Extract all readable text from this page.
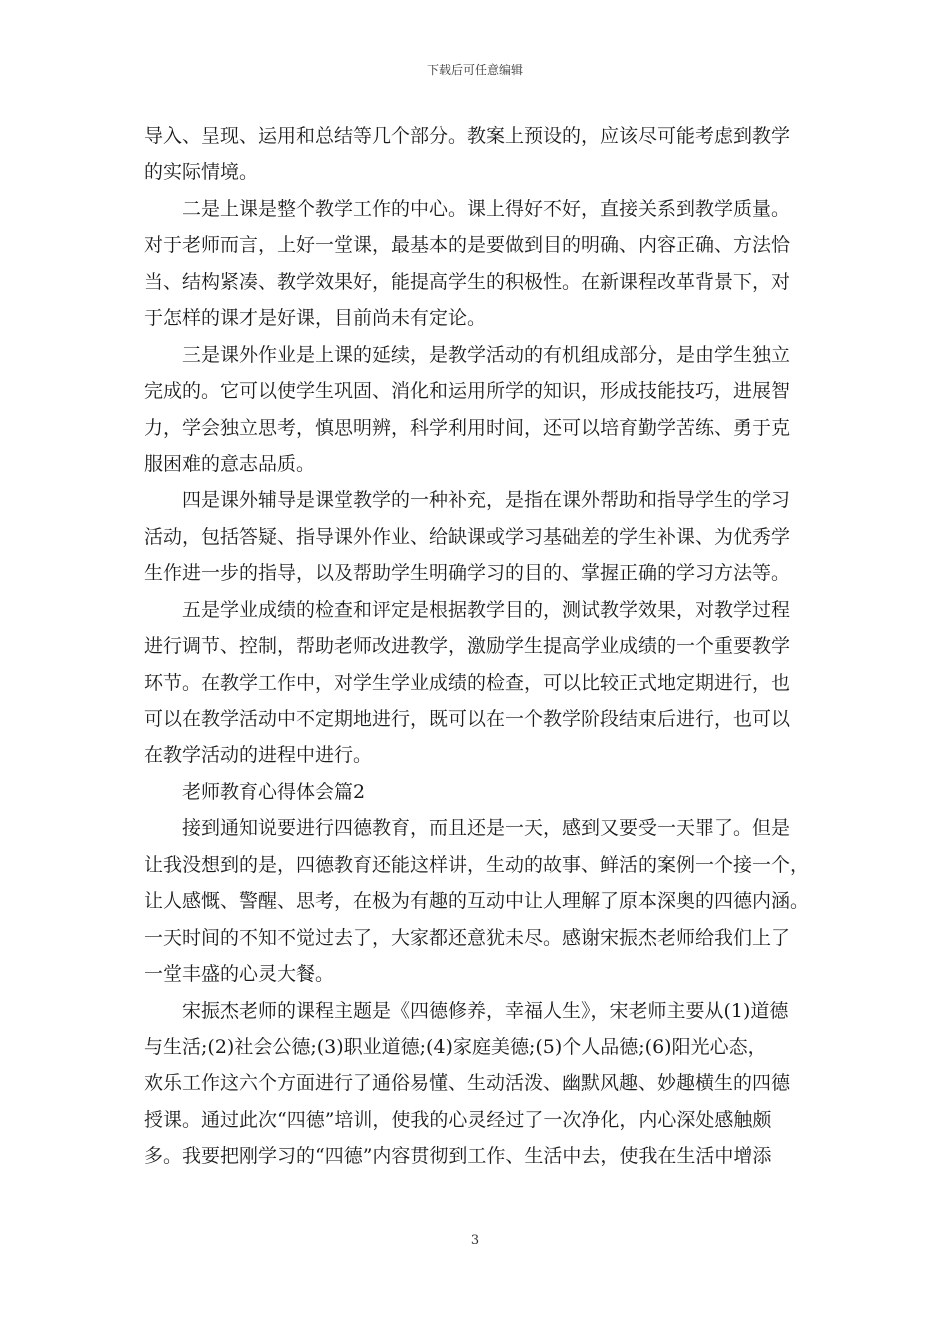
下载后可任意编辑
导入、呈现、运用和总结等几个部分。教案上预设的，应该尽可能考虑到教学
的实际情境。
二是上课是整个教学工作的中心。课上得好不好，直接关系到教学质量。
对于老师而言，上好一堂课，最基本的是要做到目的明确、内容正确、方法恰
当、结构紧凑、教学效果好，能提高学生的积极性。在新课程改革背景下，对
于怎样的课才是好课，目前尚未有定论。
三是课外作业是上课的延续，是教学活动的有机组成部分，是由学生独立
完成的。它可以使学生巩固、消化和运用所学的知识，形成技能技巧，进展智
力，学会独立思考，慎思明辨，科学利用时间，还可以培育勤学苦练、勇于克
服困难的意志品质。
四是课外辅导是课堂教学的一种补充，是指在课外帮助和指导学生的学习
活动，包括答疑、指导课外作业、给缺课或学习基础差的学生补课、为优秀学
生作进一步的指导，以及帮助学生明确学习的目的、掌握正确的学习方法等。
五是学业成绩的检查和评定是根据教学目的，测试教学效果，对教学过程
进行调节、控制，帮助老师改进教学，激励学生提高学业成绩的一个重要教学
环节。在教学工作中，对学生学业成绩的检查，可以比较正式地定期进行，也
可以在教学活动中不定期地进行，既可以在一个教学阶段结束后进行，也可以
在教学活动的进程中进行。
老师教育心得体会篇2
接到通知说要进行四德教育，而且还是一天，感到又要受一天罪了。但是
让我没想到的是，四德教育还能这样讲，生动的故事、鲜活的案例一个接一个，
让人感慨、警醒、思考，在极为有趣的互动中让人理解了原本深奥的四德内涵。
一天时间的不知不觉过去了，大家都还意犹未尽。感谢宋振杰老师给我们上了
一堂丰盛的心灵大餐。
宋振杰老师的课程主题是《四德修养，幸福人生》，宋老师主要从(1)道德
与生活;(2)社会公德;(3)职业道德;(4)家庭美德;(5)个人品德;(6)阳光心态，
欢乐工作这六个方面进行了通俗易懂、生动活泼、幽默风趣、妙趣横生的四德
授课。通过此次“四德”培训，使我的心灵经过了一次净化，内心深处感触颇
多。我要把刚学习的“四德”内容贯彻到工作、生活中去，使我在生活中增添
3
